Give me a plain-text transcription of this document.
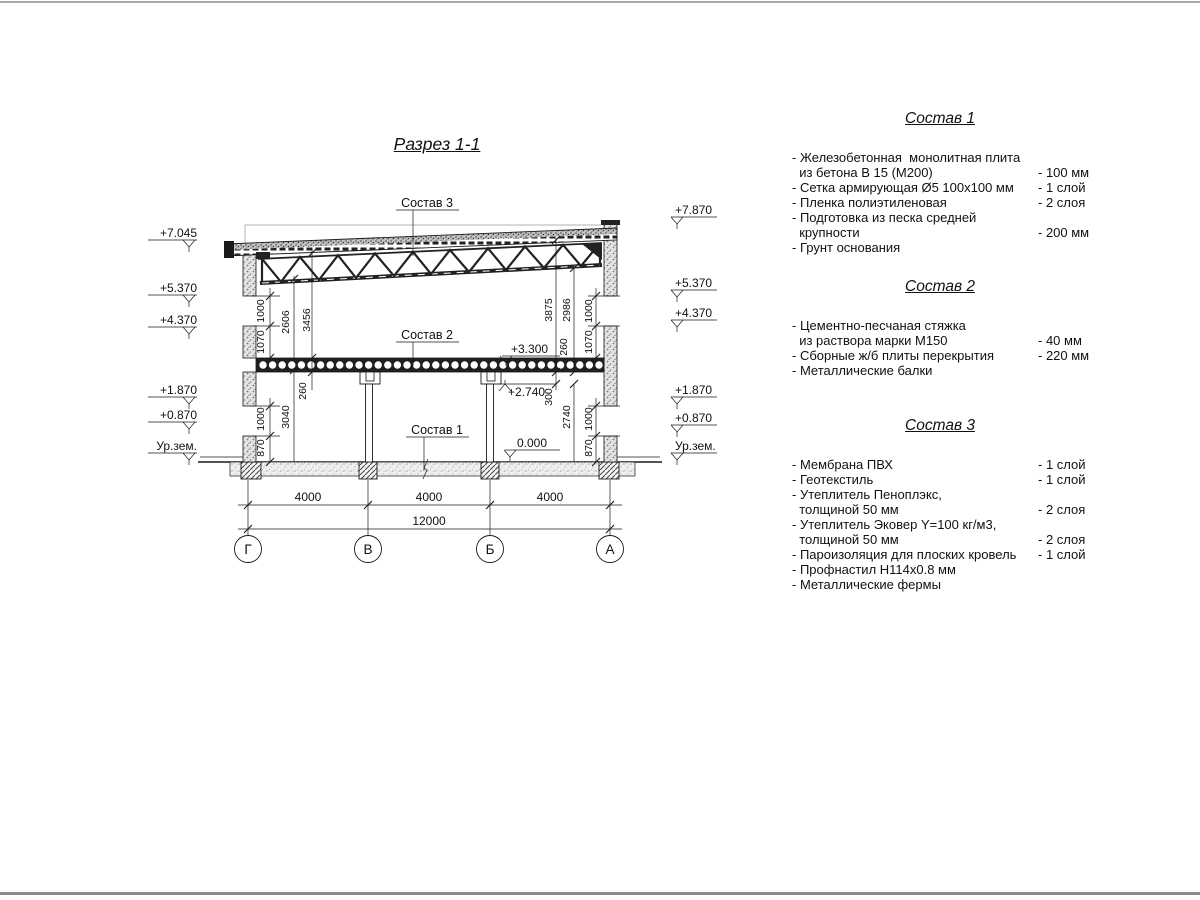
Разрез 1-1
+7.045
+5.370
+4.370
+1.870
+0.870
Ур.зем.
+7.870
+5.370
+4.370
+1.870
+0.870
Ур.зем.
+3.300
+2.740
0.000
Состав 3
Состав 2
Состав 1
1000
1070
2606 3456
260
3040
1000
870
3875 2986 1000
260 1070
300
2740 1000
870
4000	4000	4000
12000
Г	В	Б	А
Состав 1
- Железобетонная  монолитная плита
из бетона В 15 (М200)	- 100 мм
- Сетка армирующая Ø5 100х100 мм - 1 слой
- Пленка полиэтиленовая	- 2 слоя
- Подготовка из песка средней
крупности	- 200 мм
- Грунт основания
Состав 2
- Цементно-песчаная стяжка
из раствора марки М150	- 40 мм
- Сборные ж/б плиты перекрытия	- 220 мм
- Металлические балки
Состав 3
- Мембрана ПВХ	- 1 слой
- Геотекстиль	- 1 слой
- Утеплитель Пеноплэкс,
толщиной 50 мм	- 2 слоя
- Утеплитель Эковер Y=100 кг/м3,
толщиной 50 мм	- 2 слоя
- Пароизоляция для плоских кровель - 1 слой
- Профнастил Н114х0.8 мм
- Металлические фермы
